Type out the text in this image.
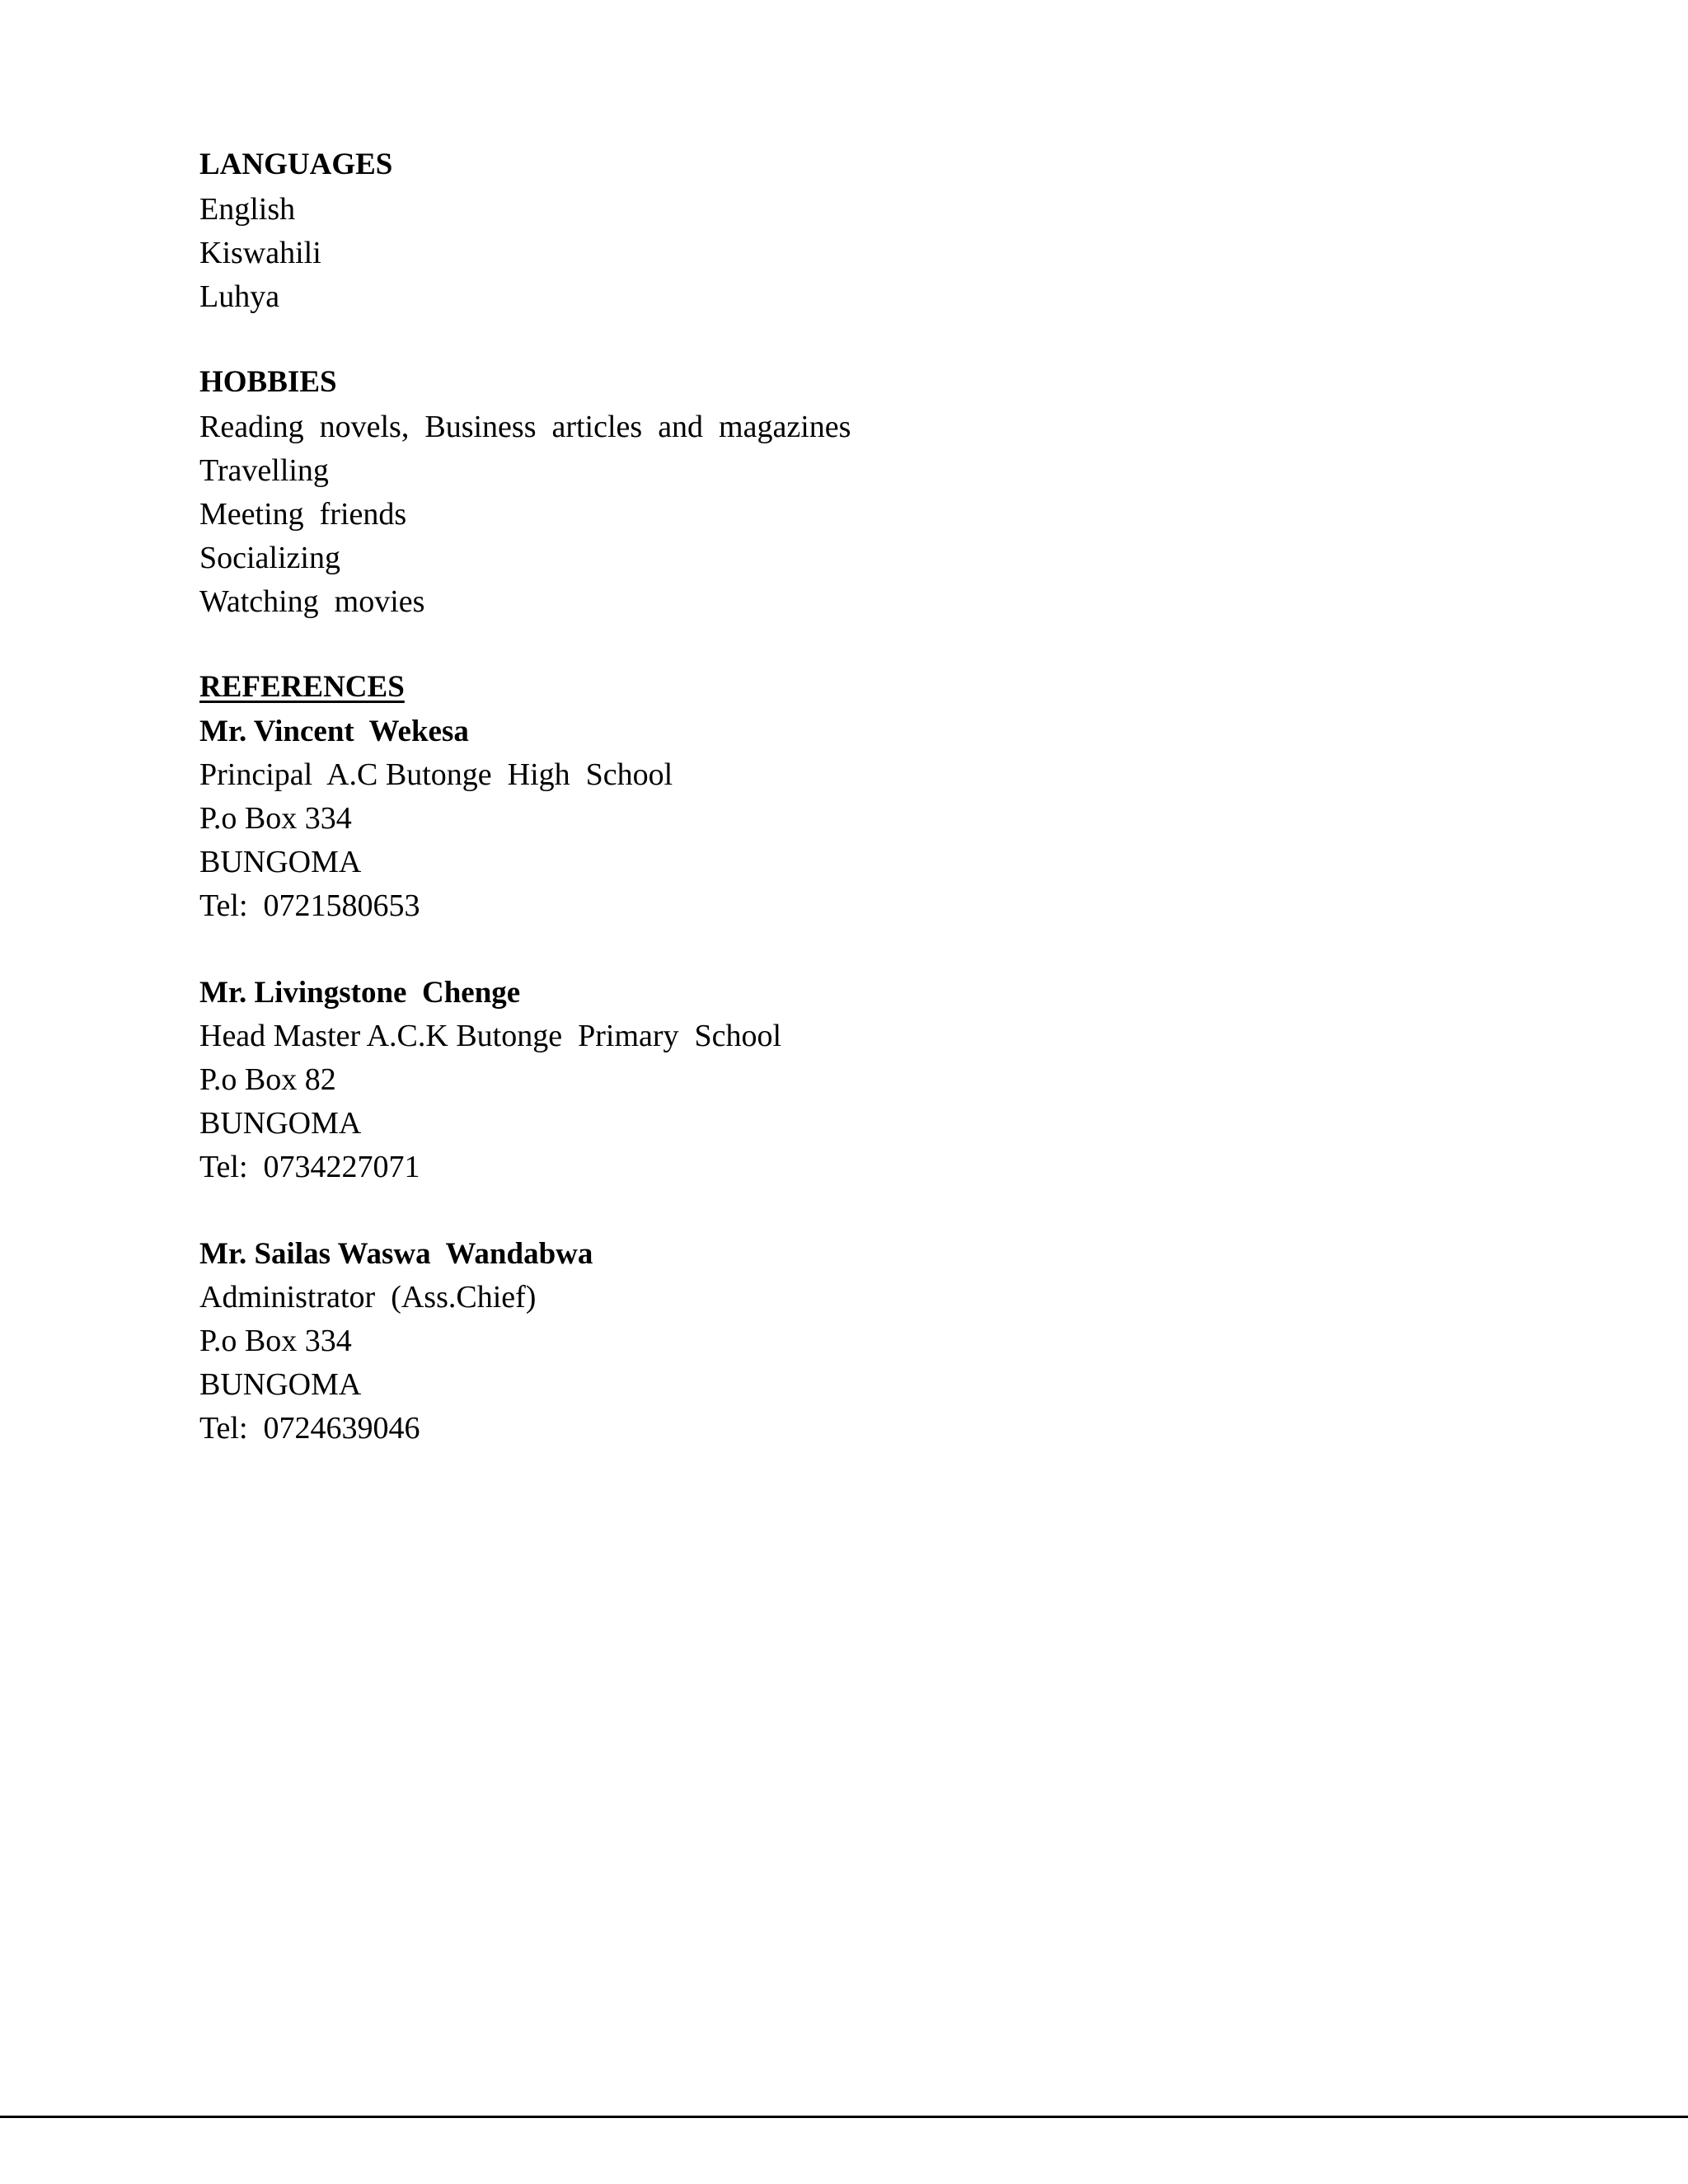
LANGUAGES
English
Kiswahili
Luhya
HOBBIES
Reading  novels,  Business  articles  and  magazines
Travelling
Meeting  friends
Socializing
Watching  movies
REFERENCES
Mr. Vincent  Wekesa
Principal  A.C Butonge  High  School
P.o Box 334
BUNGOMA
Tel:  0721580653
Mr. Livingstone  Chenge
Head Master A.C.K Butonge  Primary  School
P.o Box 82
BUNGOMA
Tel:  0734227071
Mr. Sailas Waswa  Wandabwa
Administrator  (Ass.Chief)
P.o Box 334
BUNGOMA
Tel:  0724639046
